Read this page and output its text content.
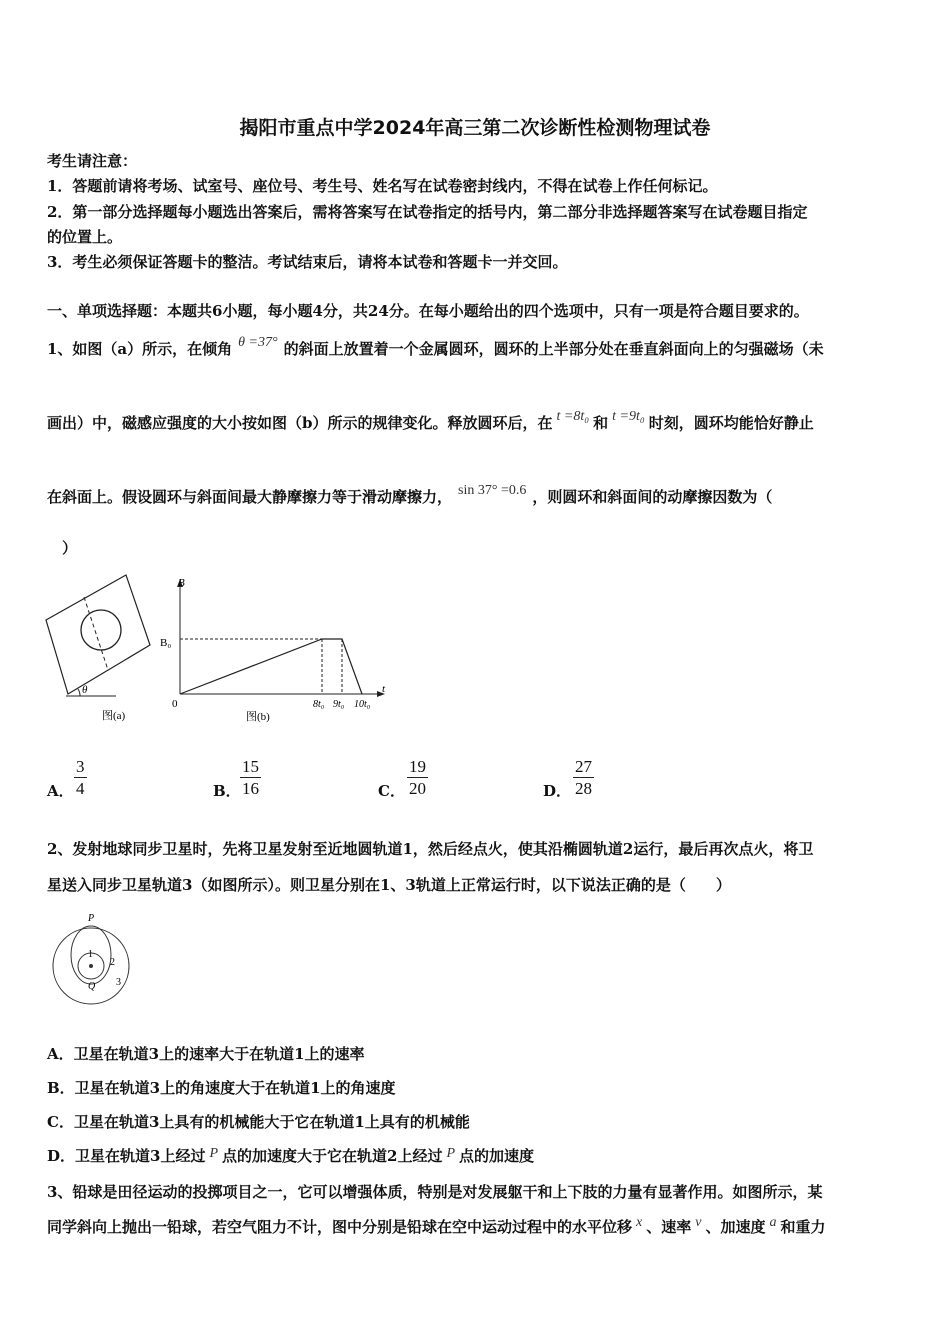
揭阳市重点中学2024年高三第二次诊断性检测物理试卷
考生请注意：
1．答题前请将考场、试室号、座位号、考生号、姓名写在试卷密封线内，不得在试卷上作任何标记。
2．第一部分选择题每小题选出答案后，需将答案写在试卷指定的括号内，第二部分非选择题答案写在试卷题目指定
的位置上。
3．考生必须保证答题卡的整洁。考试结束后，请将本试卷和答题卡一并交回。
一、单项选择题：本题共6小题，每小题4分，共24分。在每小题给出的四个选项中，只有一项是符合题目要求的。
1、如图（a）所示，在倾角 θ =37° 的斜面上放置着一个金属圆环，圆环的上半部分处在垂直斜面向上的匀强磁场（未
画出）中，磁感应强度的大小按如图（b）所示的规律变化。释放圆环后，在 t =8t₀ 和 t =9t₀ 时刻，圆环均能恰好静止
在斜面上。假设圆环与斜面间最大静摩擦力等于滑动摩擦力， sin 37° =0.6 ，则圆环和斜面间的动摩擦因数为（
）
θ
图(a)
B
t
0
B₀
8t₀ 9t₀ 10t₀
图(b)
A． $\frac{3}{4}$	B． $\frac{15}{16}$	C． $\frac{19}{20}$	D． $\frac{27}{28}$
2、发射地球同步卫星时，先将卫星发射至近地圆轨道1，然后经点火，使其沿椭圆轨道2运行，最后再次点火，将卫
星送入同步卫星轨道3（如图所示）。则卫星分别在1、3轨道上正常运行时，以下说法正确的是（　　）
P
Q
1
2
3
A．卫星在轨道3上的速率大于在轨道1上的速率
B．卫星在轨道3上的角速度大于在轨道1上的角速度
C．卫星在轨道3上具有的机械能大于它在轨道1上具有的机械能
D．卫星在轨道3上经过 P 点的加速度大于它在轨道2上经过 P 点的加速度
3、铅球是田径运动的投掷项目之一，它可以增强体质，特别是对发展躯干和上下肢的力量有显著作用。如图所示，某
同学斜向上抛出一铅球，若空气阻力不计，图中分别是铅球在空中运动过程中的水平位移 x 、速率 v 、加速度 a 和重力
